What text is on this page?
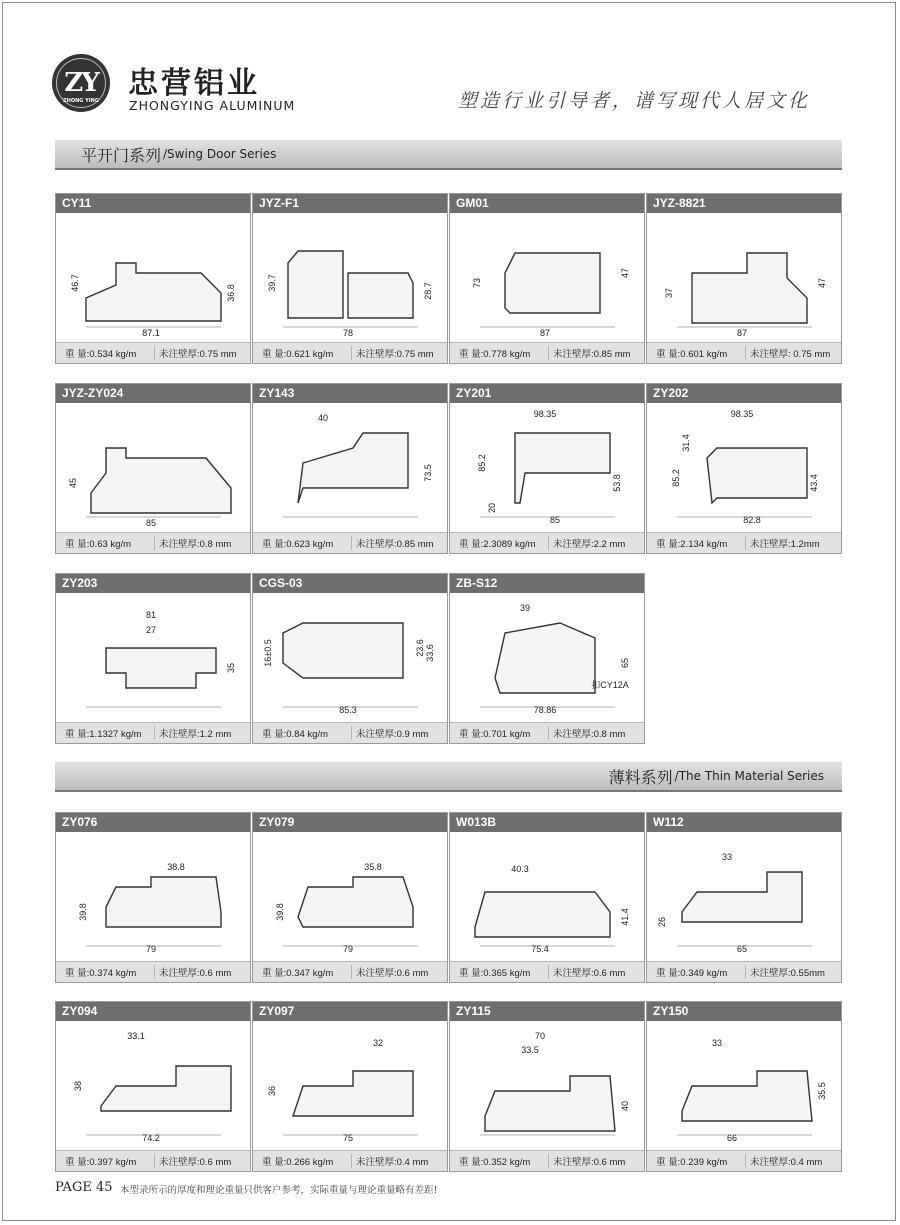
ZY
ZHONG YING 忠营铝业
ZHONGYING ALUMINUM	塑造行业引导者，谱写现代人居文化
平开门系列 /Swing Door Series
薄料系列 /The Thin Material Series
CY11
46.7
36.8
87.1
重 量:0.534 kg/m	未注壁厚:0.75 mm
JYZ-F1
39.7	28.7
78
重 量:0.621 kg/m	未注壁厚:0.75 mm
GM01
73
47
87
重 量:0.778 kg/m	未注壁厚:0.85 mm
JYZ-8821
37
47
87
重 量:0.601 kg/m	未注壁厚: 0.75 mm
JYZ-ZY024
45
85
重 量:0.63 kg/m	未注壁厚:0.8 mm
ZY143
40
73.5
重 量:0.623 kg/m	未注壁厚:0.85 mm
ZY201
98.35
85.2
20
53.8
85
重 量:2.3089 kg/m	未注壁厚:2.2 mm
ZY202
98.35
31.4
85.2	43.4
82.8
重 量:2.134 kg/m	未注壁厚:1.2mm
ZY203
81
27
35
重 量:1.1327 kg/m	未注壁厚:1.2 mm
CGS-03
16±0.5	23.6 33.6
85.3
重 量:0.84 kg/m	未注壁厚:0.9 mm
ZB-S12
39
65
78.86
扣CY12A
重 量:0.701 kg/m	未注壁厚:0.8 mm
ZY076
38.8
39.8
79
重 量:0.374 kg/m	未注壁厚:0.6 mm
ZY079
35.8
39.8
79
重 量:0.347 kg/m	未注壁厚:0.6 mm
W013B
40.3
41.4
75.4
重 量:0.365 kg/m	未注壁厚:0.6 mm
W112
33
26
65
重 量:0.349 kg/m	未注壁厚:0.55mm
ZY094
33.1
38
74.2
重 量:0.397 kg/m	未注壁厚:0.6 mm
ZY097
32
36
75
重 量:0.266 kg/m	未注壁厚:0.4 mm
ZY115
70
33.5
40
重 量:0.352 kg/m	未注壁厚:0.6 mm
ZY150
33
35.5
66
重 量:0.239 kg/m	未注壁厚:0.4 mm
PAGE 45 本型录所示的厚度和理论重量只供客户参考，实际重量与理论重量略有差距!
